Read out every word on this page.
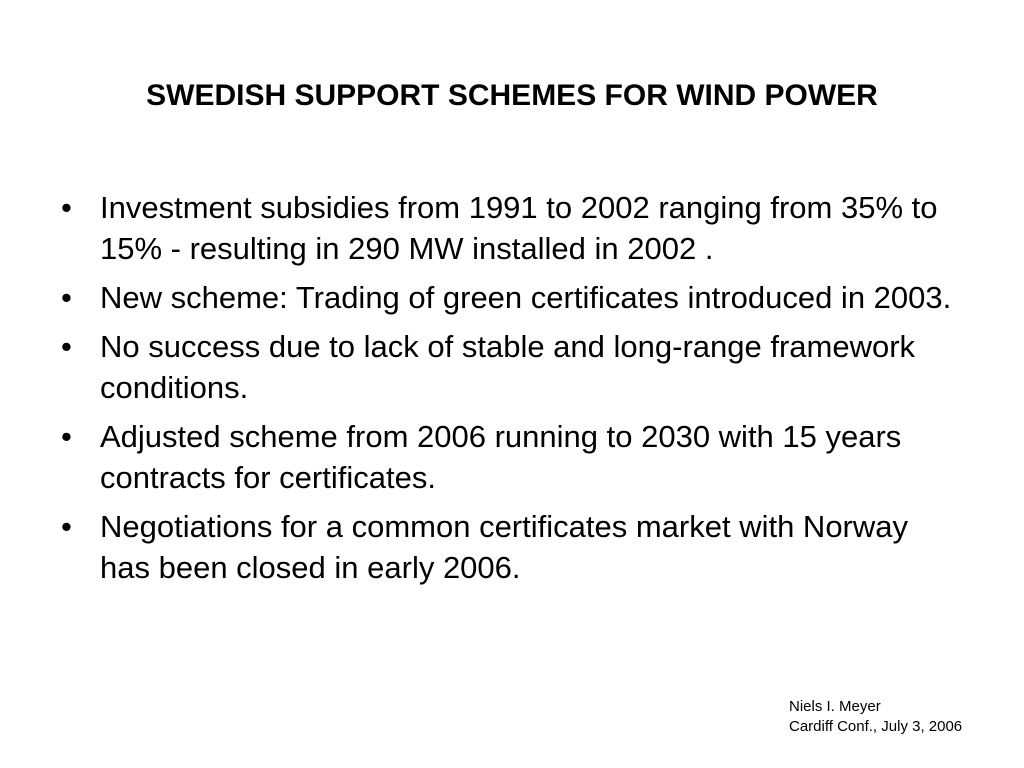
SWEDISH SUPPORT SCHEMES FOR WIND POWER
• Investment subsidies from 1991 to 2002 ranging from 35% to 15% - resulting in 290 MW installed in 2002 .
• New scheme: Trading of green certificates introduced in 2003.
• No success due to lack of stable and long-range framework conditions.
• Adjusted scheme from 2006 running to 2030 with 15 years contracts for certificates.
• Negotiations for a common certificates market with Norway has been closed in early 2006.
Niels I. Meyer
Cardiff Conf., July 3, 2006
